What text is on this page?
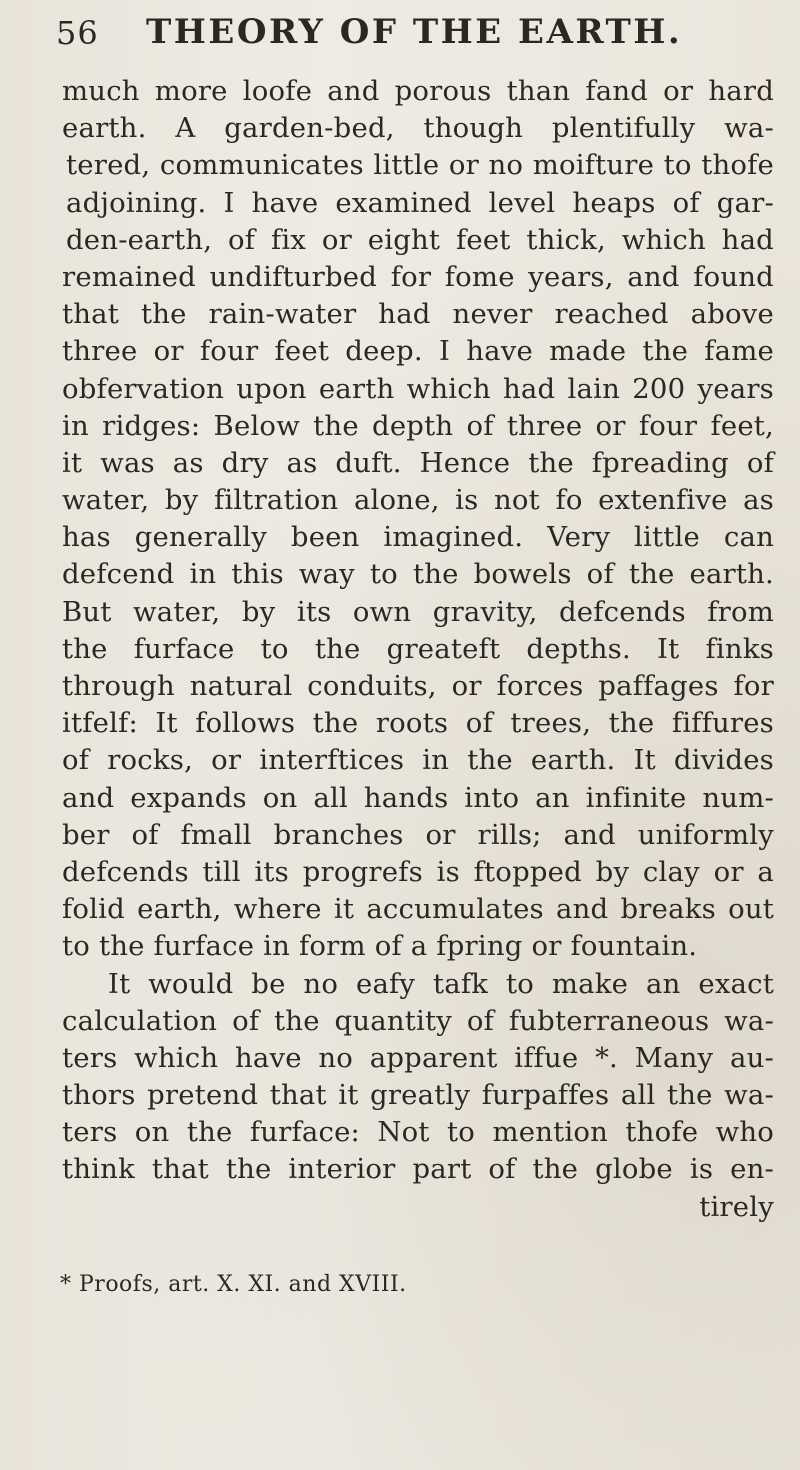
56 THEORY OF THE EARTH.
much more loofe and porous than fand or hard
earth. A garden-bed, though plentifully wa-
tered, communicates little or no moifture to thofe
adjoining. I have examined level heaps of gar-
den-earth, of fix or eight feet thick, which had
remained undifturbed for fome years, and found
that the rain-water had never reached above
three or four feet deep. I have made the fame
obfervation upon earth which had lain 200 years
in ridges: Below the depth of three or four feet,
it was as dry as duft. Hence the fpreading of
water, by filtration alone, is not fo extenfive as
has generally been imagined. Very little can
defcend in this way to the bowels of the earth.
But water, by its own gravity, defcends from
the furface to the greateft depths. It finks
through natural conduits, or forces paffages for
itfelf: It follows the roots of trees, the fiffures
of rocks, or interftices in the earth. It divides
and expands on all hands into an infinite num-
ber of fmall branches or rills; and uniformly
defcends till its progrefs is ftopped by clay or a
folid earth, where it accumulates and breaks out
to the furface in form of a fpring or fountain.
It would be no eafy tafk to make an exact
calculation of the quantity of fubterraneous wa-
ters which have no apparent iffue *. Many au-
thors pretend that it greatly furpaffes all the wa-
ters on the furface: Not to mention thofe who
think that the interior part of the globe is en-
tirely
* Proofs, art. X. XI. and XVIII.
